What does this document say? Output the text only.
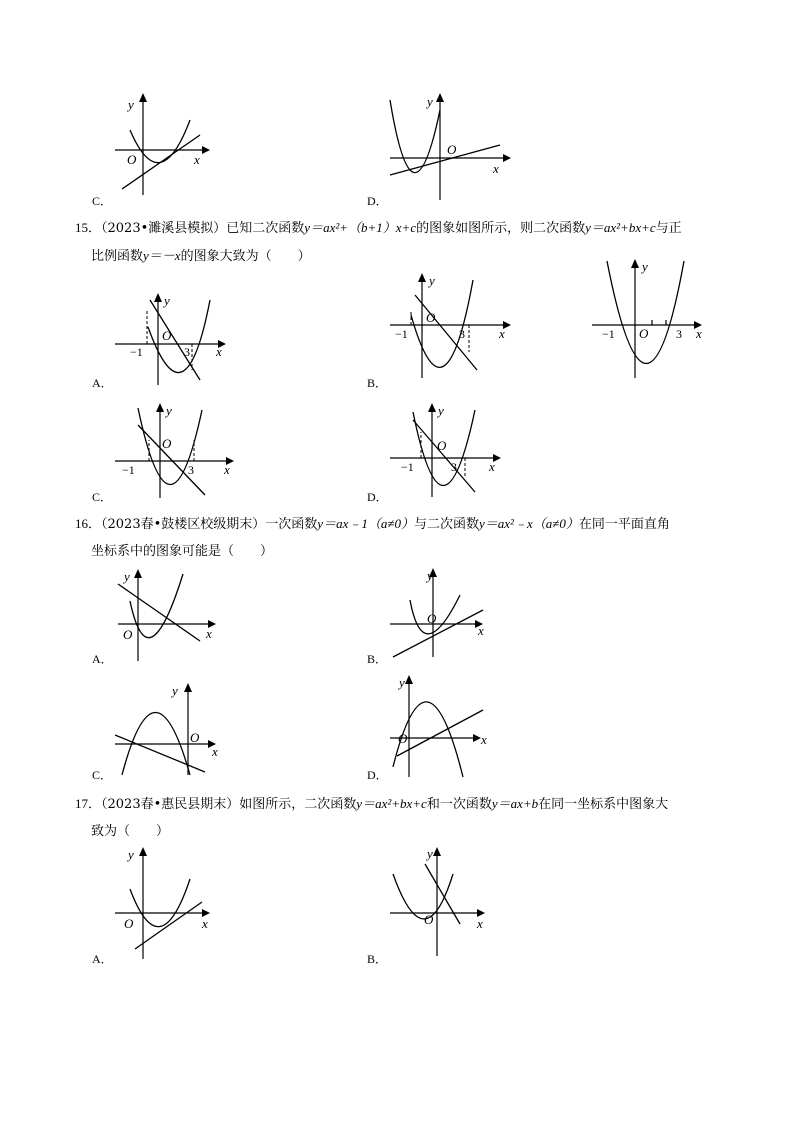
y
x
O
C．
y
x
O
D．
15．（2023•濉溪县模拟）已知二次函数y＝ax²+（b+1）x+c的图象如图所示，则二次函数y＝ax²+bx+c与正
比例函数y＝－x的图象大致为（　　）
y
x
O
−1	3
y
x
O
−1	3
A．
y
x
O
−1	3
B．
y
x
O
−1	3
C．
y
x
O
−1	3
D．
16．（2023春•鼓楼区校级期末）一次函数y＝ax﹣1（a≠0）与二次函数y＝ax²﹣x（a≠0）在同一平面直角
坐标系中的图象可能是（　　）
y
x
O
A．
y
x
O
B．
y
x
O
C．
y
x
O
D．
17．（2023春•惠民县期末）如图所示，二次函数y＝ax²+bx+c和一次函数y＝ax+b在同一坐标系中图象大
致为（　　）
y
x
O
A．
y
x
O
B．
